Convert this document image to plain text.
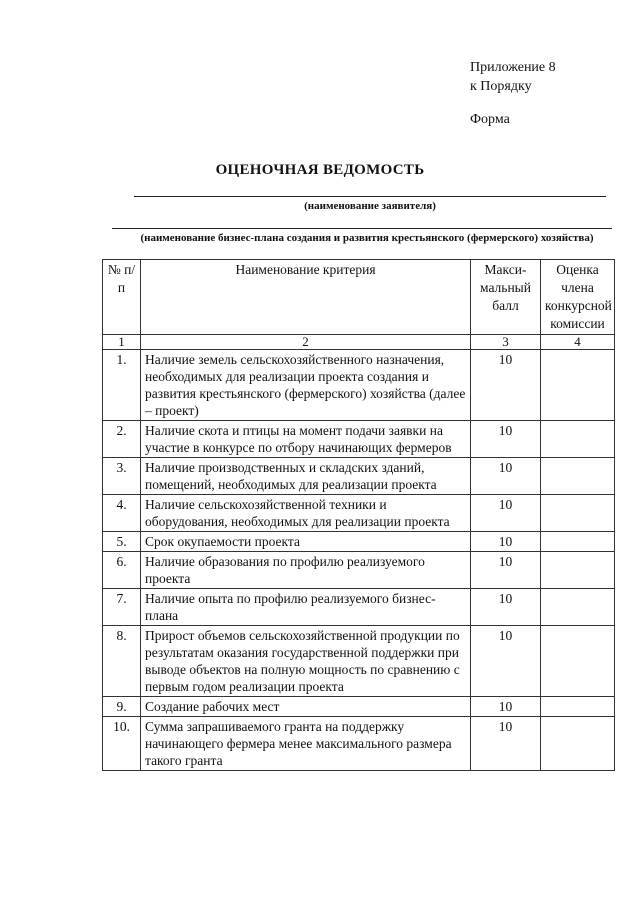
Приложение 8
к Порядку
Форма
ОЦЕНОЧНАЯ ВЕДОМОСТЬ
(наименование заявителя)
(наименование бизнес-плана создания и развития крестьянского (фермерского) хозяйства)
№ п/п	Наименование критерия	Макси-мальный балл	Оценка члена конкурсной комиссии
1	2	3	4
1.	Наличие земель сельскохозяйственного назначения, необходимых для реализации проекта создания и развития крестьянского (фермерского) хозяйства (далее – проект)	10	
2.	Наличие скота и птицы на момент подачи заявки на участие в конкурсе по отбору начинающих фермеров	10	
3.	Наличие производственных и складских зданий, помещений, необходимых для реализации проекта	10	
4.	Наличие сельскохозяйственной техники и оборудования, необходимых для реализации проекта	10	
5.	Срок окупаемости проекта	10	
6.	Наличие образования по профилю реализуемого проекта	10	
7.	Наличие опыта по профилю реализуемого бизнес-плана	10	
8.	Прирост объемов сельскохозяйственной продукции по результатам оказания государственной поддержки при выводе объектов на полную мощность по сравнению с первым годом реализации проекта	10	
9.	Создание рабочих мест	10	
10.	Сумма запрашиваемого гранта на поддержку начинающего фермера менее максимального размера такого гранта	10	
